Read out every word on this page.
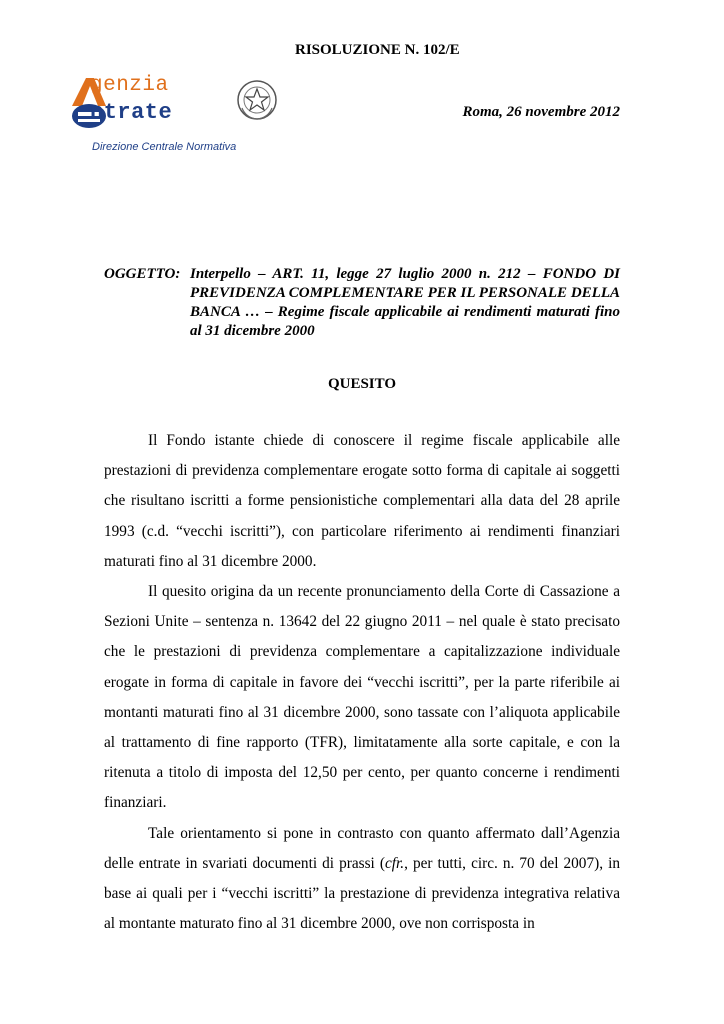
RISOLUZIONE N. 102/E
genzia
ntrate
Direzione Centrale Normativa
Roma, 26 novembre 2012
OGGETTO: Interpello – ART. 11, legge 27 luglio 2000 n. 212 – FONDO DI PREVIDENZA COMPLEMENTARE PER IL PERSONALE DELLA BANCA … – Regime fiscale applicabile ai rendimenti maturati fino al 31 dicembre 2000
QUESITO

Il Fondo istante chiede di conoscere il regime fiscale applicabile alle prestazioni di previdenza complementare erogate sotto forma di capitale ai soggetti che risultano iscritti a forme pensionistiche complementari alla data del 28 aprile 1993 (c.d. “vecchi iscritti”), con particolare riferimento ai rendimenti finanziari maturati fino al 31 dicembre 2000.

Il quesito origina da un recente pronunciamento della Corte di Cassazione a Sezioni Unite – sentenza n. 13642 del 22 giugno 2011 – nel quale è stato precisato che le prestazioni di previdenza complementare a capitalizzazione individuale erogate in forma di capitale in favore dei “vecchi iscritti”, per la parte riferibile ai montanti maturati fino al 31 dicembre 2000, sono tassate con l’aliquota applicabile al trattamento di fine rapporto (TFR), limitatamente alla sorte capitale, e con la ritenuta a titolo di imposta del 12,50 per cento, per quanto concerne i rendimenti finanziari.

Tale orientamento si pone in contrasto con quanto affermato dall’Agenzia delle entrate in svariati documenti di prassi (cfr., per tutti, circ. n. 70 del 2007), in base ai quali per i “vecchi iscritti” la prestazione di previdenza integrativa relativa al montante maturato fino al 31 dicembre 2000, ove non corrisposta in
